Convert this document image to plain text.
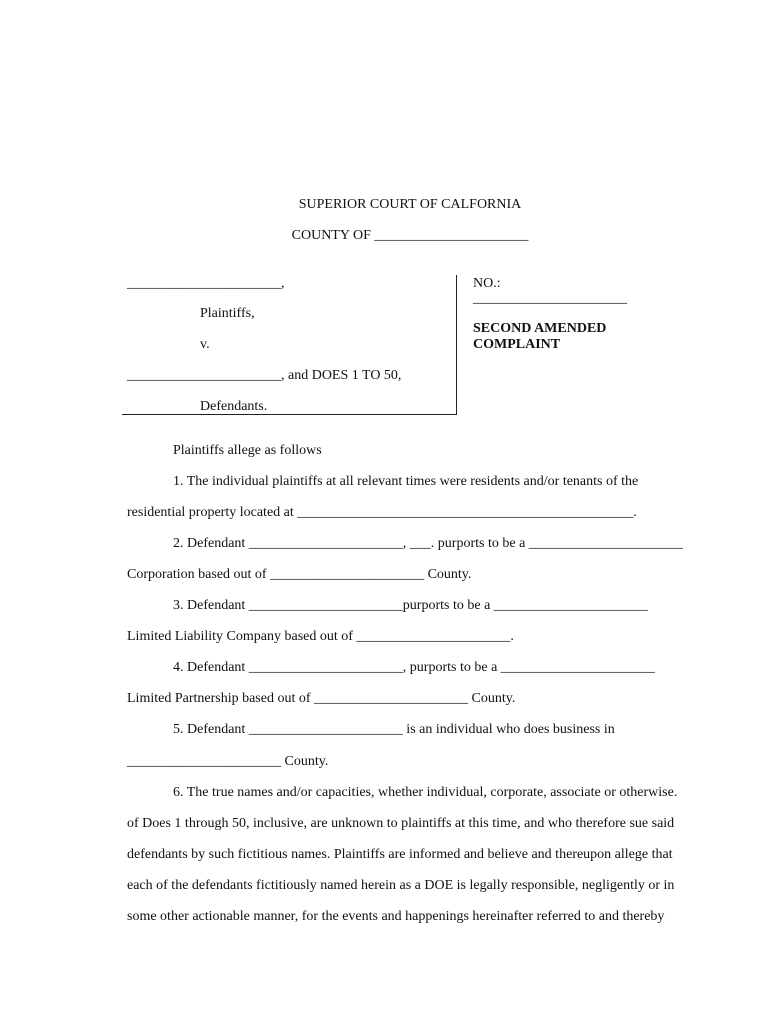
SUPERIOR COURT OF CALFORNIA
COUNTY OF ______________________
______________________,
Plaintiffs,
v.
______________________, and DOES 1 TO 50,
Defendants.
NO.:
______________________
SECOND AMENDED
COMPLAINT
Plaintiffs allege as follows
1. The individual plaintiffs at all relevant times were residents and/or tenants of the
residential property located at ________________________________________________.
2. Defendant ______________________, ___. purports to be a ______________________
Corporation based out of ______________________ County.
3. Defendant ______________________purports to be a ______________________
Limited Liability Company based out of ______________________.
4. Defendant ______________________, purports to be a ______________________
Limited Partnership based out of ______________________ County.
5. Defendant ______________________ is an individual who does business in
______________________ County.
6. The true names and/or capacities, whether individual, corporate, associate or otherwise.
of Does 1 through 50, inclusive, are unknown to plaintiffs at this time, and who therefore sue said
defendants by such fictitious names. Plaintiffs are informed and believe and thereupon allege that
each of the defendants fictitiously named herein as a DOE is legally responsible, negligently or in
some other actionable manner, for the events and happenings hereinafter referred to and thereby
